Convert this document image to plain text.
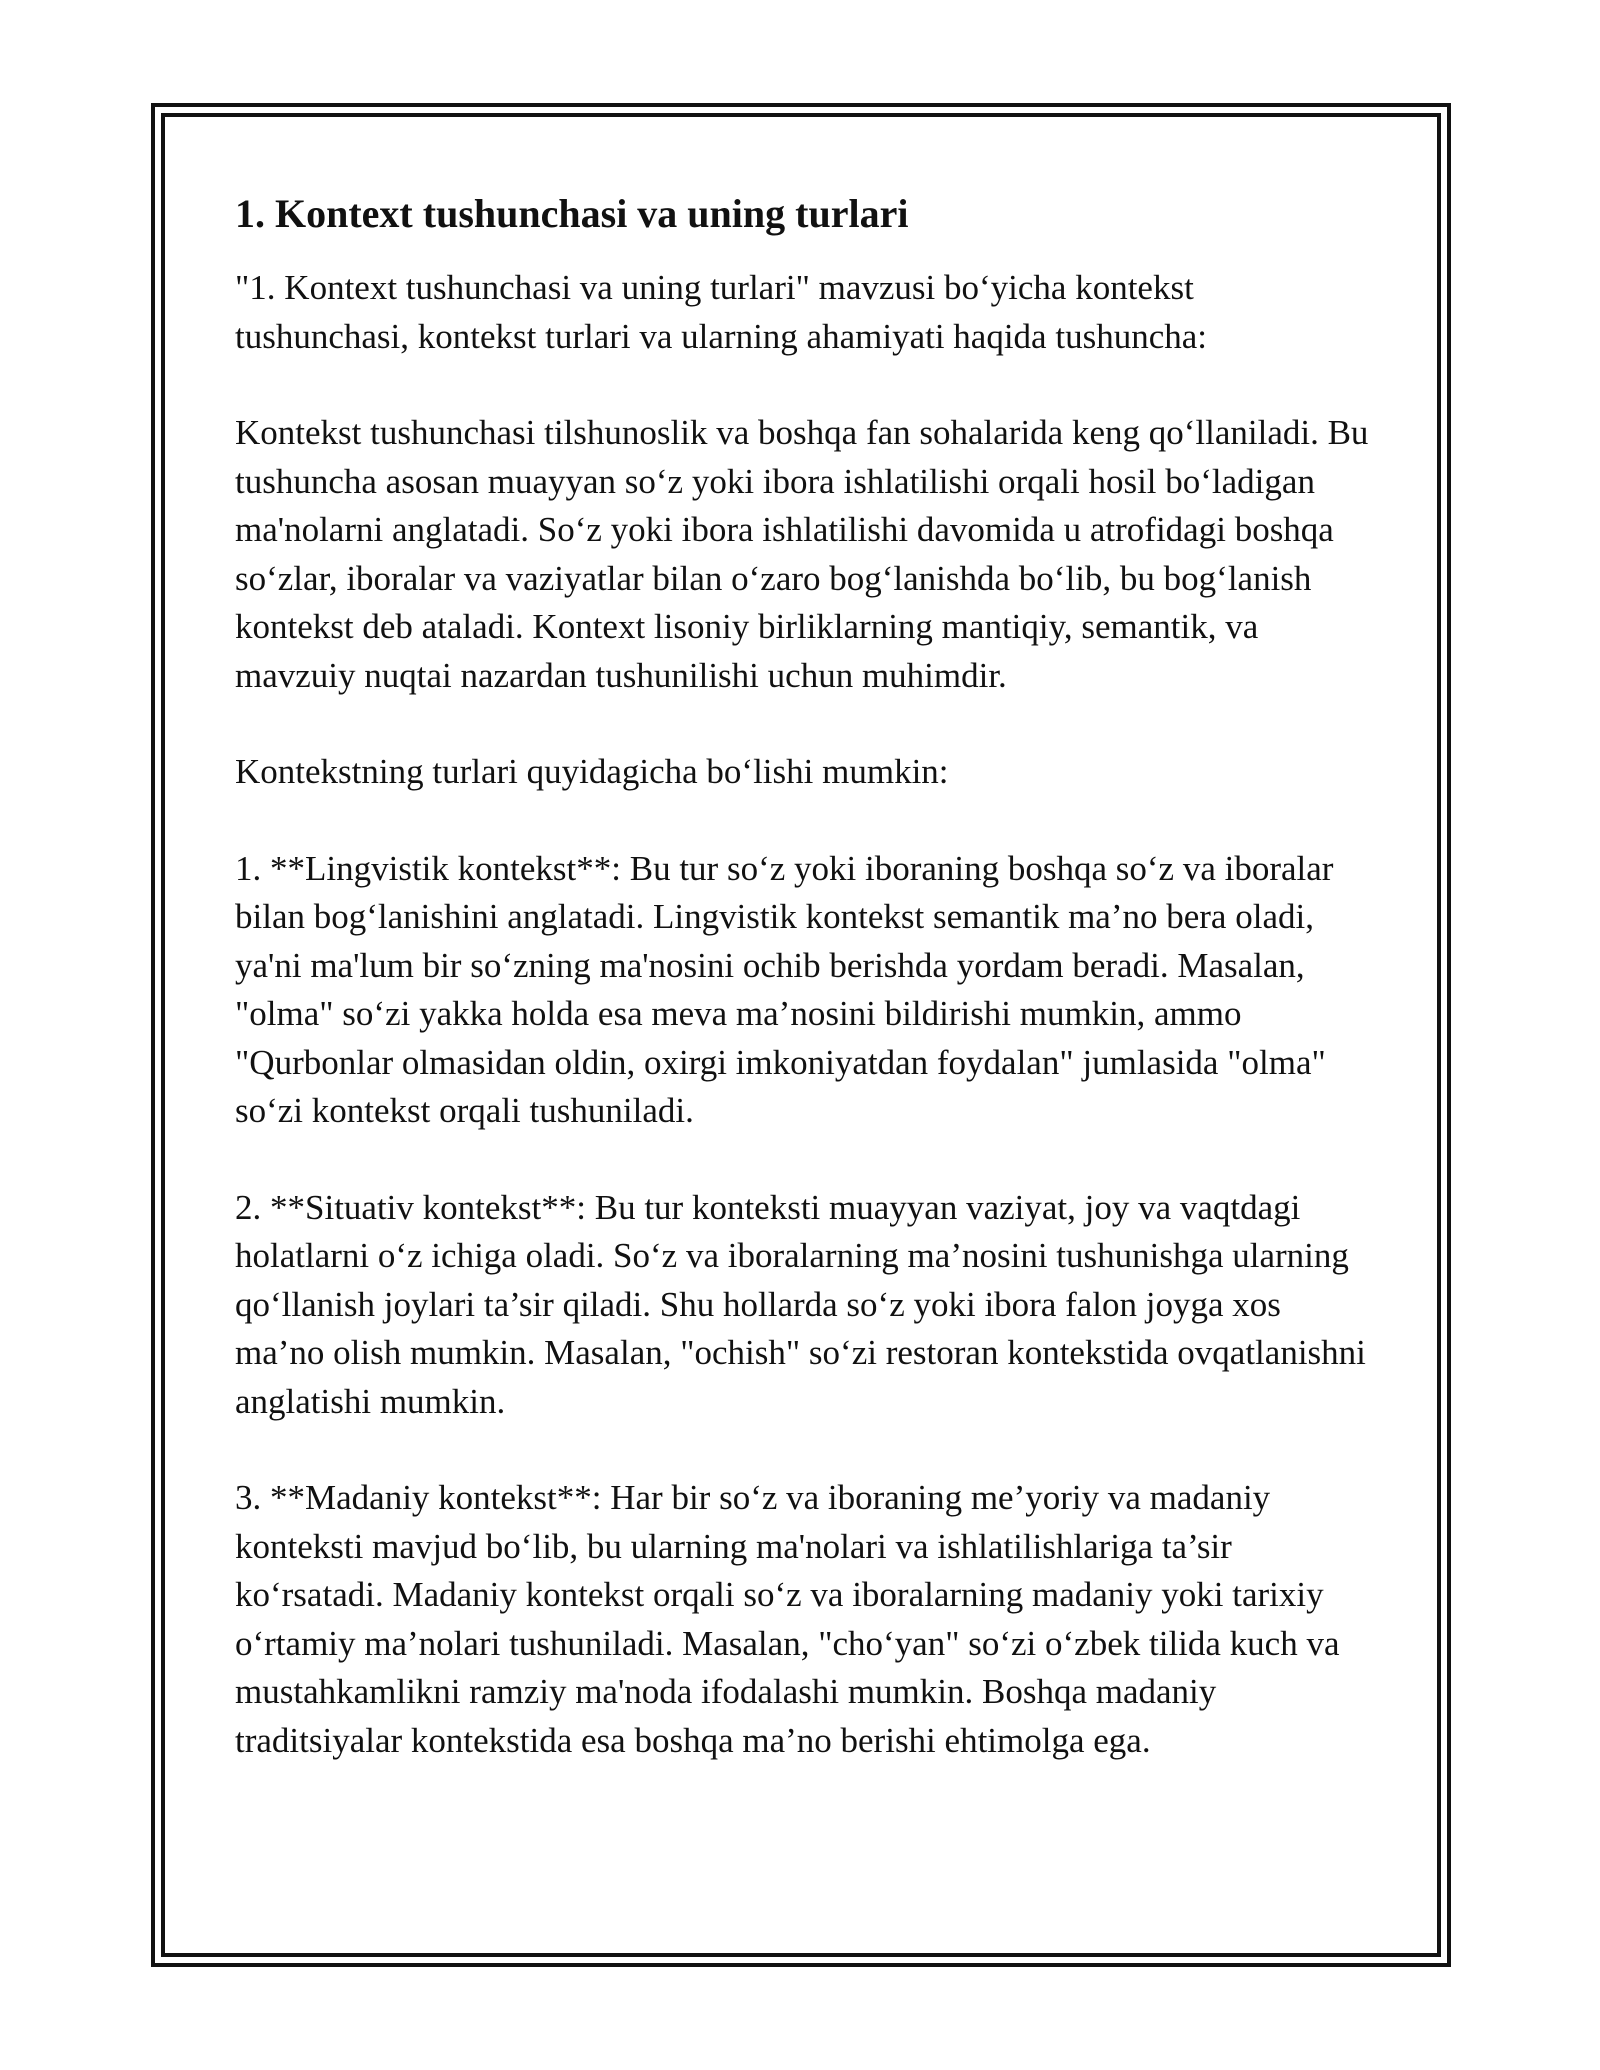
1. Kontext tushunchasi va uning turlari

"1. Kontext tushunchasi va uning turlari" mavzusi boʻyicha kontekst tushunchasi, kontekst turlari va ularning ahamiyati haqida tushuncha:

Kontekst tushunchasi tilshunoslik va boshqa fan sohalarida keng qoʻllaniladi. Bu tushuncha asosan muayyan soʻz yoki ibora ishlatilishi orqali hosil boʻladigan ma'nolarni anglatadi. Soʻz yoki ibora ishlatilishi davomida u atrofidagi boshqa soʻzlar, iboralar va vaziyatlar bilan oʻzaro bogʻlanishda boʻlib, bu bogʻlanish kontekst deb ataladi. Kontext lisoniy birliklarning mantiqiy, semantik, va mavzuiy nuqtai nazardan tushunilishi uchun muhimdir.

Kontekstning turlari quyidagicha boʻlishi mumkin:

1. **Lingvistik kontekst**: Bu tur soʻz yoki iboraning boshqa soʻz va iboralar bilan bogʻlanishini anglatadi. Lingvistik kontekst semantik ma’no bera oladi, ya'ni ma'lum bir soʻzning ma'nosini ochib berishda yordam beradi. Masalan, "olma" soʻzi yakka holda esa meva ma’nosini bildirishi mumkin, ammo "Qurbonlar olmasidan oldin, oxirgi imkoniyatdan foydalan" jumlasida "olma" soʻzi kontekst orqali tushuniladi.

2. **Situativ kontekst**: Bu tur konteksti muayyan vaziyat, joy va vaqtdagi holatlarni oʻz ichiga oladi. Soʻz va iboralarning ma’nosini tushunishga ularning qoʻllanish joylari ta’sir qiladi. Shu hollarda soʻz yoki ibora falon joyga xos ma’no olish mumkin. Masalan, "ochish" soʻzi restoran kontekstida ovqatlanishni anglatishi mumkin.

3. **Madaniy kontekst**: Har bir soʻz va iboraning me’yoriy va madaniy konteksti mavjud boʻlib, bu ularning ma'nolari va ishlatilishlariga ta’sir koʻrsatadi. Madaniy kontekst orqali soʻz va iboralarning madaniy yoki tarixiy oʻrtamiy ma’nolari tushuniladi. Masalan, "choʻyan" soʻzi oʻzbek tilida kuch va mustahkamlikni ramziy ma'noda ifodalashi mumkin. Boshqa madaniy traditsiyalar kontekstida esa boshqa ma’no berishi ehtimolga ega.
